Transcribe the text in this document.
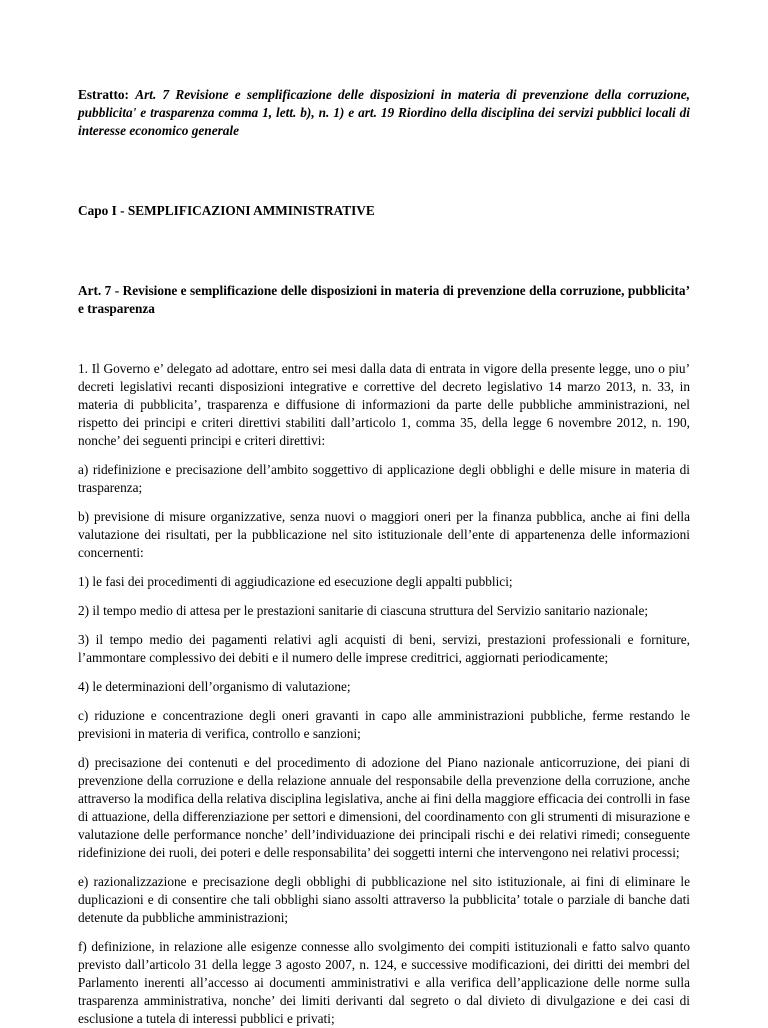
Estratto: Art. 7 Revisione e semplificazione delle disposizioni in materia di prevenzione della corruzione, pubblicita' e trasparenza comma 1, lett. b), n. 1) e art. 19 Riordino della disciplina dei servizi pubblici locali di interesse economico generale

Capo I - SEMPLIFICAZIONI AMMINISTRATIVE

Art. 7 - Revisione e semplificazione delle disposizioni in materia di prevenzione della corruzione, pubblicita’ e trasparenza

1. Il Governo e’ delegato ad adottare, entro sei mesi dalla data di entrata in vigore della presente legge, uno o piu’ decreti legislativi recanti disposizioni integrative e correttive del decreto legislativo 14 marzo 2013, n. 33, in materia di pubblicita’, trasparenza e diffusione di informazioni da parte delle pubbliche amministrazioni, nel rispetto dei principi e criteri direttivi stabiliti dall’articolo 1, comma 35, della legge 6 novembre 2012, n. 190, nonche’ dei seguenti principi e criteri direttivi:

a) ridefinizione e precisazione dell’ambito soggettivo di applicazione degli obblighi e delle misure in materia di trasparenza;

b) previsione di misure organizzative, senza nuovi o maggiori oneri per la finanza pubblica, anche ai fini della valutazione dei risultati, per la pubblicazione nel sito istituzionale dell’ente di appartenenza delle informazioni concernenti:

1) le fasi dei procedimenti di aggiudicazione ed esecuzione degli appalti pubblici;

2) il tempo medio di attesa per le prestazioni sanitarie di ciascuna struttura del Servizio sanitario nazionale;

3) il tempo medio dei pagamenti relativi agli acquisti di beni, servizi, prestazioni professionali e forniture, l’ammontare complessivo dei debiti e il numero delle imprese creditrici, aggiornati periodicamente;

4) le determinazioni dell’organismo di valutazione;

c) riduzione e concentrazione degli oneri gravanti in capo alle amministrazioni pubbliche, ferme restando le previsioni in materia di verifica, controllo e sanzioni;

d) precisazione dei contenuti e del procedimento di adozione del Piano nazionale anticorruzione, dei piani di prevenzione della corruzione e della relazione annuale del responsabile della prevenzione della corruzione, anche attraverso la modifica della relativa disciplina legislativa, anche ai fini della maggiore efficacia dei controlli in fase di attuazione, della differenziazione per settori e dimensioni, del coordinamento con gli strumenti di misurazione e valutazione delle performance nonche’ dell’individuazione dei principali rischi e dei relativi rimedi; conseguente ridefinizione dei ruoli, dei poteri e delle responsabilita’ dei soggetti interni che intervengono nei relativi processi;

e) razionalizzazione e precisazione degli obblighi di pubblicazione nel sito istituzionale, ai fini di eliminare le duplicazioni e di consentire che tali obblighi siano assolti attraverso la pubblicita’ totale o parziale di banche dati detenute da pubbliche amministrazioni;

f) definizione, in relazione alle esigenze connesse allo svolgimento dei compiti istituzionali e fatto salvo quanto previsto dall’articolo 31 della legge 3 agosto 2007, n. 124, e successive modificazioni, dei diritti dei membri del Parlamento inerenti all’accesso ai documenti amministrativi e alla verifica dell’applicazione delle norme sulla trasparenza amministrativa, nonche’ dei limiti derivanti dal segreto o dal divieto di divulgazione e dei casi di esclusione a tutela di interessi pubblici e privati;
